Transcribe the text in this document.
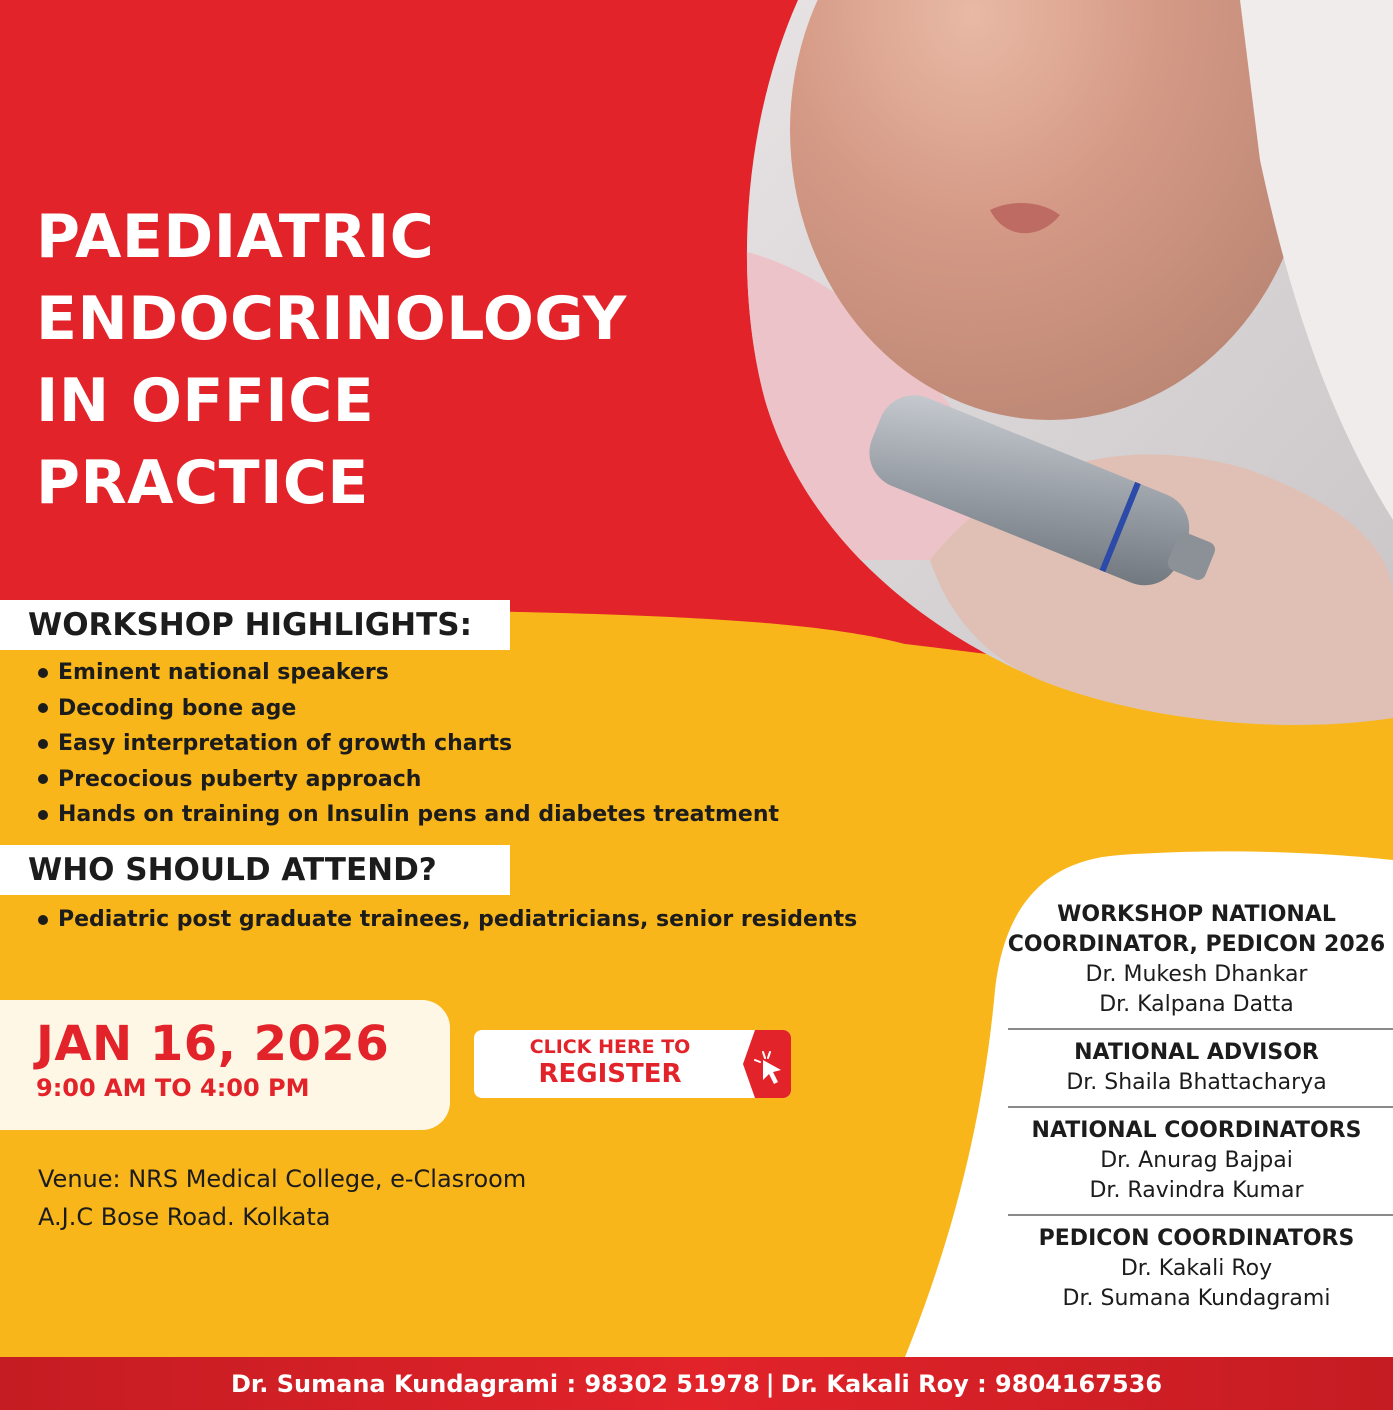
PAEDIATRIC
ENDOCRINOLOGY
IN OFFICE
PRACTICE
WORKSHOP HIGHLIGHTS:
Eminent national speakers
Decoding bone age
Easy interpretation of growth charts
Precocious puberty approach
Hands on training on Insulin pens and diabetes treatment
WHO SHOULD ATTEND?
Pediatric post graduate trainees, pediatricians, senior residents
JAN 16, 2026
9:00 AM TO 4:00 PM
CLICK HERE TO
REGISTER
Venue: NRS Medical College, e-Clasroom
A.J.C Bose Road. Kolkata
WORKSHOP NATIONAL
COORDINATOR, PEDICON 2026
Dr. Mukesh Dhankar
Dr. Kalpana Datta
NATIONAL ADVISOR
Dr. Shaila Bhattacharya
NATIONAL COORDINATORS
Dr. Anurag Bajpai
Dr. Ravindra Kumar
PEDICON COORDINATORS
Dr. Kakali Roy
Dr. Sumana Kundagrami
Dr. Sumana Kundagrami : 98302 51978 | Dr. Kakali Roy : 9804167536
